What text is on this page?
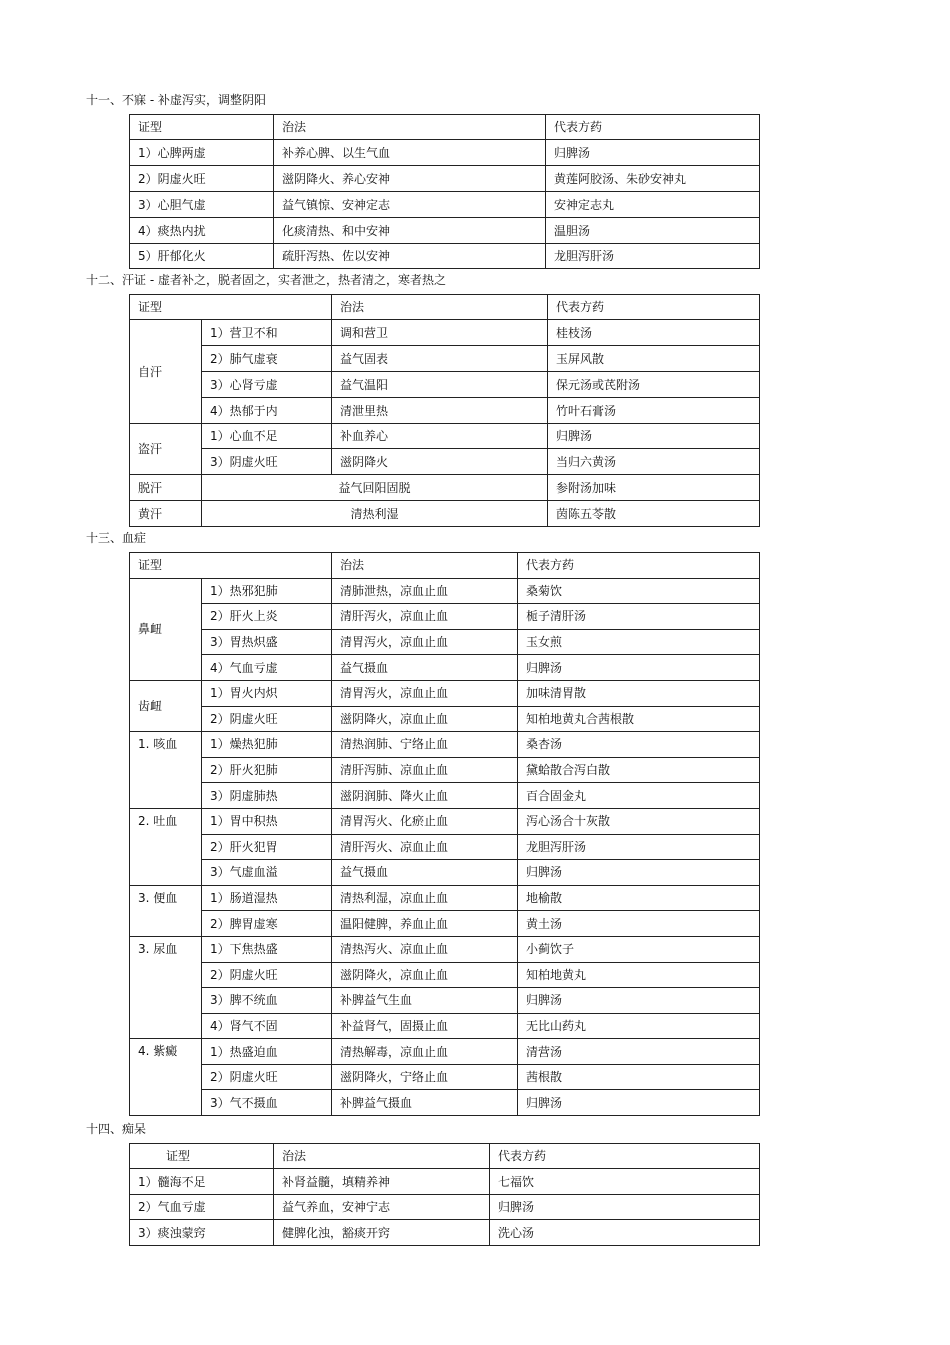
十一、不寐 - 补虚泻实，调整阴阳
证型	治法	代表方药
1）心脾两虚	补养心脾、以生气血	归脾汤
2）阴虚火旺	滋阴降火、养心安神	黄莲阿胶汤、朱砂安神丸
3）心胆气虚	益气镇惊、安神定志	安神定志丸
4）痰热内扰	化痰清热、和中安神	温胆汤
5）肝郁化火	疏肝泻热、佐以安神	龙胆泻肝汤
十二、汗证 - 虚者补之，脱者固之，实者泄之，热者清之，寒者热之
证型		治法	代表方药
自汗	1）营卫不和	调和营卫	桂枝汤
	2）肺气虚衰	益气固表	玉屏风散
	3）心肾亏虚	益气温阳	保元汤或芪附汤
	4）热郁于内	清泄里热	竹叶石膏汤
盗汗	1）心血不足	补血养心	归脾汤
	3）阴虚火旺	滋阴降火	当归六黄汤
脱汗	益气回阳固脱		参附汤加味
黄汗	清热利湿		茵陈五苓散
十三、血症
证型		治法	代表方药
鼻衄	1）热邪犯肺	清肺泄热，凉血止血	桑菊饮
	2）肝火上炎	清肝泻火，凉血止血	栀子清肝汤
	3）胃热炽盛	清胃泻火，凉血止血	玉女煎
	4）气血亏虚	益气摄血	归脾汤
齿衄	1）胃火内炽	清胃泻火，凉血止血	加味清胃散
	2）阴虚火旺	滋阴降火，凉血止血	知柏地黄丸合茜根散
1. 咳血	1）燥热犯肺	清热润肺、宁络止血	桑杏汤
	2）肝火犯肺	清肝泻肺、凉血止血	黛蛤散合泻白散
	3）阴虚肺热	滋阴润肺、降火止血	百合固金丸
2. 吐血	1）胃中积热	清胃泻火、化瘀止血	泻心汤合十灰散
	2）肝火犯胃	清肝泻火、凉血止血	龙胆泻肝汤
	3）气虚血溢	益气摄血	归脾汤
3. 便血	1）肠道湿热	清热利湿，凉血止血	地榆散
	2）脾胃虚寒	温阳健脾，养血止血	黄土汤
3. 尿血	1）下焦热盛	清热泻火、凉血止血	小蓟饮子
	2）阴虚火旺	滋阴降火，凉血止血	知柏地黄丸
	3）脾不统血	补脾益气生血	归脾汤
	4）肾气不固	补益肾气，固摄止血	无比山药丸
4. 紫癜	1）热盛迫血	清热解毒，凉血止血	清营汤
	2）阴虚火旺	滋阴降火，宁络止血	茜根散
	3）气不摄血	补脾益气摄血	归脾汤
十四、痴呆
证型	治法	代表方药
1）髓海不足	补肾益髓，填精养神	七福饮
2）气血亏虚	益气养血，安神宁志	归脾汤
3）痰浊蒙窍	健脾化浊，豁痰开窍	洗心汤
